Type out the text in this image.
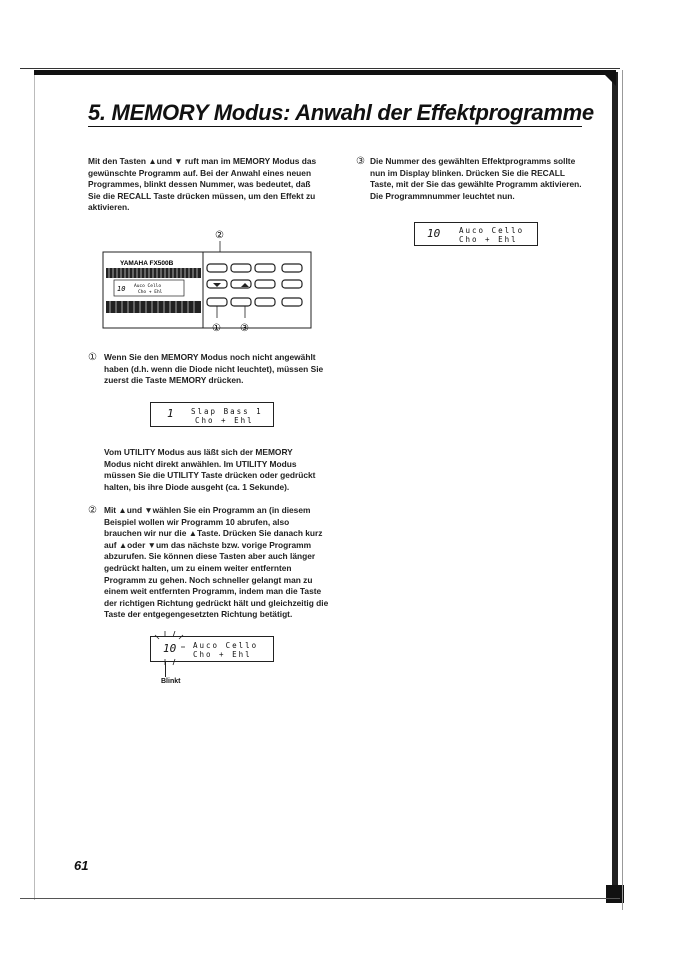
5. MEMORY Modus: Anwahl der Effektprogramme
Mit den Tasten ▲und ▼ ruft man im MEMORY Modus das
gewünschte Programm auf. Bei der Anwahl eines neuen
Programmes, blinkt dessen Nummer, was bedeutet, daß
Sie die RECALL Taste drücken müssen, um den Effekt zu
aktivieren.
②
YAMAHA FX500B
10 Auco Cello
Cho + Ehl
① ③
① Wenn Sie den MEMORY Modus noch nicht angewählt
haben (d.h. wenn die Diode nicht leuchtet), müssen Sie
zuerst die Taste MEMORY drücken.
1 Slap Bass 1
Cho + Ehl
Vom UTILITY Modus aus läßt sich der MEMORY
Modus nicht direkt anwählen. Im UTILITY Modus
müssen Sie die UTILITY Taste drücken oder gedrückt
halten, bis ihre Diode ausgeht (ca. 1 Sekunde).
② Mit ▲und ▼wählen Sie ein Programm an (in diesem
Beispiel wollen wir Programm 10 abrufen, also
brauchen wir nur die ▲Taste. Drücken Sie danach kurz
auf ▲oder ▼um das nächste bzw. vorige Programm
abzurufen. Sie können diese Tasten aber auch länger
gedrückt halten, um zu einem weiter entfernten
Programm zu gehen. Noch schneller gelangt man zu
einem weit entfernten Programm, indem man die Taste
der richtigen Richtung gedrückt hält und gleichzeitig die
Taste der entgegengesetzten Richtung betätigt.
10 Auco Cello
Cho + Ehl
Blinkt
③ Die Nummer des gewählten Effektprogramms sollte
nun im Display blinken. Drücken Sie die RECALL
Taste, mit der Sie das gewählte Programm aktivieren.
Die Programmnummer leuchtet nun.
10	Auco Cello
Cho + Ehl
61
